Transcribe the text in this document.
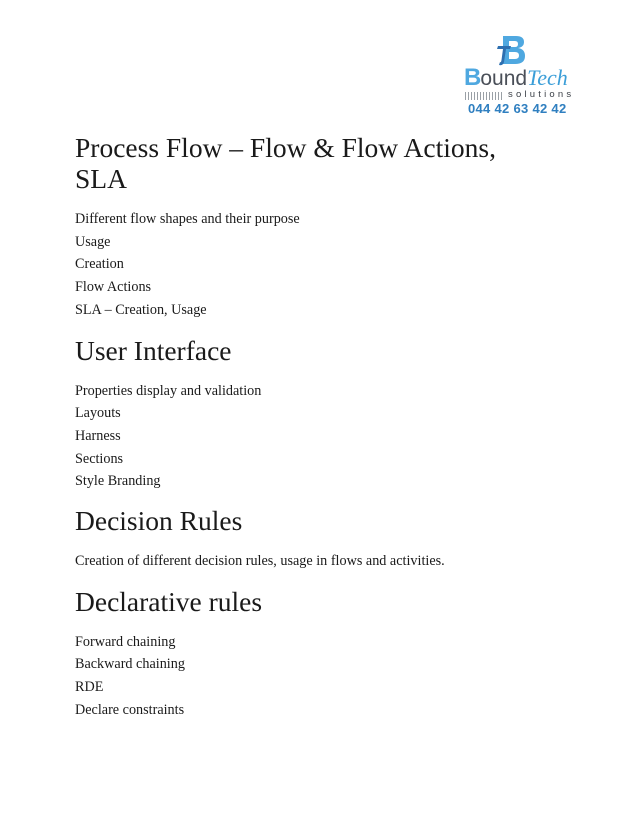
BoundTech
solutions
044 42 63 42 42
Process Flow – Flow & Flow Actions, SLA

Different flow shapes and their purpose

Usage

Creation

Flow Actions

SLA – Creation, Usage

User Interface

Properties display and validation

Layouts

Harness

Sections

Style Branding

Decision Rules

Creation of different decision rules, usage in flows and activities.

Declarative rules

Forward chaining

Backward chaining

RDE

Declare constraints
